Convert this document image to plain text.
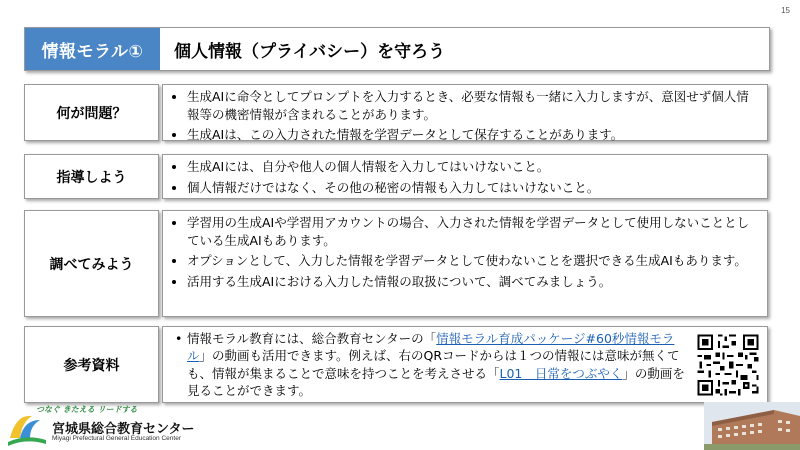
15
情報モラル①	個人情報（プライバシー）を守ろう
何が問題？
• 生成AIに命令としてプロンプトを入力するとき、必要な情報も一緒に入力しますが、意図せず個人情報等の機密情報が含まれることがあります。
• 生成AIは、この入力された情報を学習データとして保存することがあります。
指導しよう
• 生成AIには、自分や他人の個人情報を入力してはいけないこと。
• 個人情報だけではなく、その他の秘密の情報も入力してはいけないこと。
調べてみよう
• 学習用の生成AIや学習用アカウントの場合、入力された情報を学習データとして使用しないこととしている生成AIもあります。
• オプションとして、入力した情報を学習データとして使わないことを選択できる生成AIもあります。
• 活用する生成AIにおける入力した情報の取扱について、調べてみましょう。
参考資料
• 情報モラル教育には、総合教育センターの「情報モラル育成パッケージ#60秒情報モラル」の動画も活用できます。例えば、右のQRコードからは１つの情報には意味が無くても、情報が集まることで意味を持つことを考えさせる「L01　日常をつぶやく」の動画を見ることができます。
つなぐ きたえる リードする
宮城県総合教育センター
Miyagi Prefectural General Education Center
